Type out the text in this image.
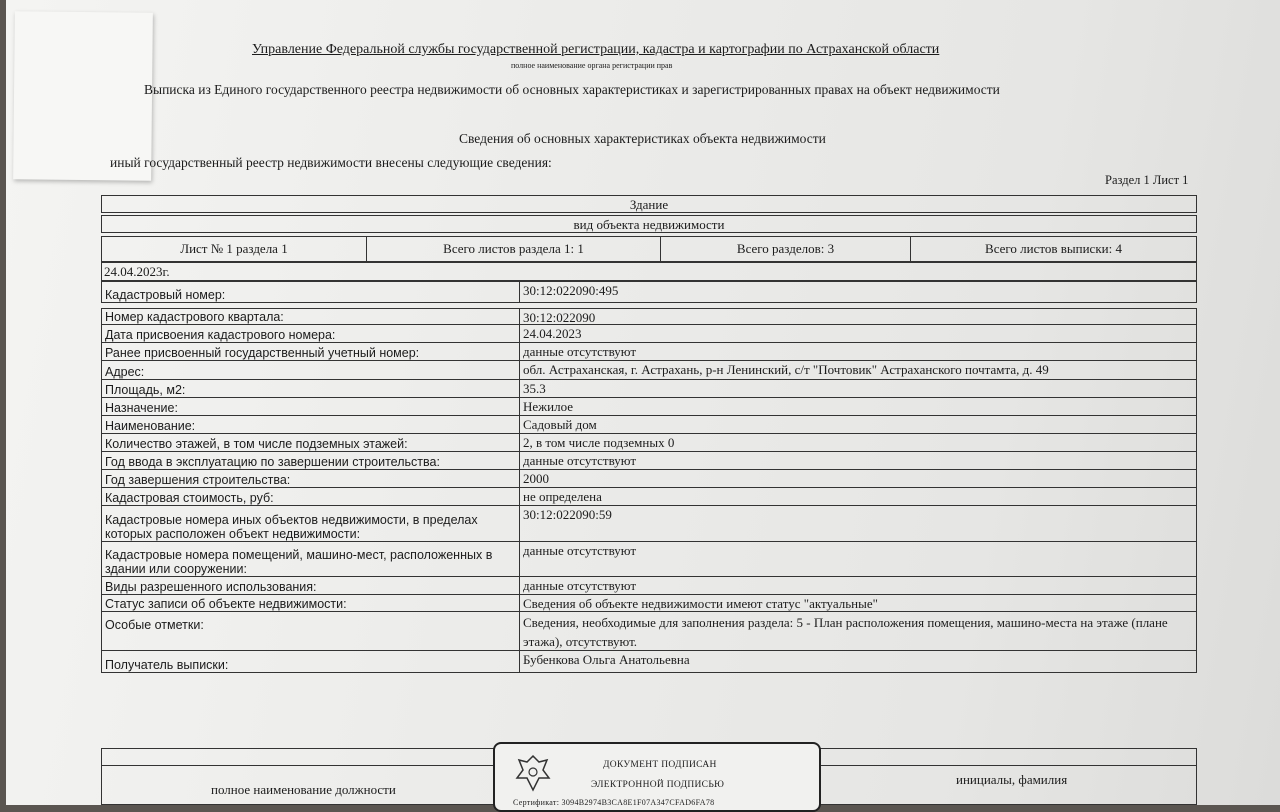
Управление Федеральной службы государственной регистрации, кадастра и картографии по Астраханской области
полное наименование органа регистрации прав
Выписка из Единого государственного реестра недвижимости об основных характеристиках и зарегистрированных правах на объект недвижимости
Сведения об основных характеристиках объекта недвижимости
иный государственный реестр недвижимости внесены следующие сведения:
Раздел 1 Лист 1
Здание
вид объекта недвижимости
Лист № 1 раздела 1	Всего листов раздела 1: 1	Всего разделов: 3	Всего листов выписки: 4
24.04.2023г.
Кадастровый номер:	30:12:022090:495
Номер кадастрового квартала:	30:12:022090
Дата присвоения кадастрового номера:	24.04.2023
Ранее присвоенный государственный учетный номер:	данные отсутствуют
Адрес:	обл. Астраханская, г. Астрахань, р-н Ленинский, с/т "Почтовик" Астраханского почтамта, д. 49
Площадь, м2:	35.3
Назначение:	Нежилое
Наименование:	Садовый дом
Количество этажей, в том числе подземных этажей:	2, в том числе подземных 0
Год ввода в эксплуатацию по завершении строительства:	данные отсутствуют
Год завершения строительства:	2000
Кадастровая стоимость, руб:	не определена
Кадастровые номера иных объектов недвижимости, в пределах которых расположен объект недвижимости:
30:12:022090:59
Кадастровые номера помещений, машино-мест, расположенных в здании или сооружении:
данные отсутствуют
Виды разрешенного использования:	данные отсутствуют
Статус записи об объекте недвижимости:	Сведения об объекте недвижимости имеют статус "актуальные"
Особые отметки:	Сведения, необходимые для заполнения раздела: 5 - План расположения помещения, машино-места на этаже (плане этажа), отсутствуют.
Получатель выписки:	Бубенкова Ольга Анатольевна
полное наименование должности
инициалы, фамилия
ДОКУМЕНТ ПОДПИСАН
ЭЛЕКТРОННОЙ ПОДПИСЬЮ
Сертификат: 3094B2974B3CA8E1F07A347CFAD6FA78
